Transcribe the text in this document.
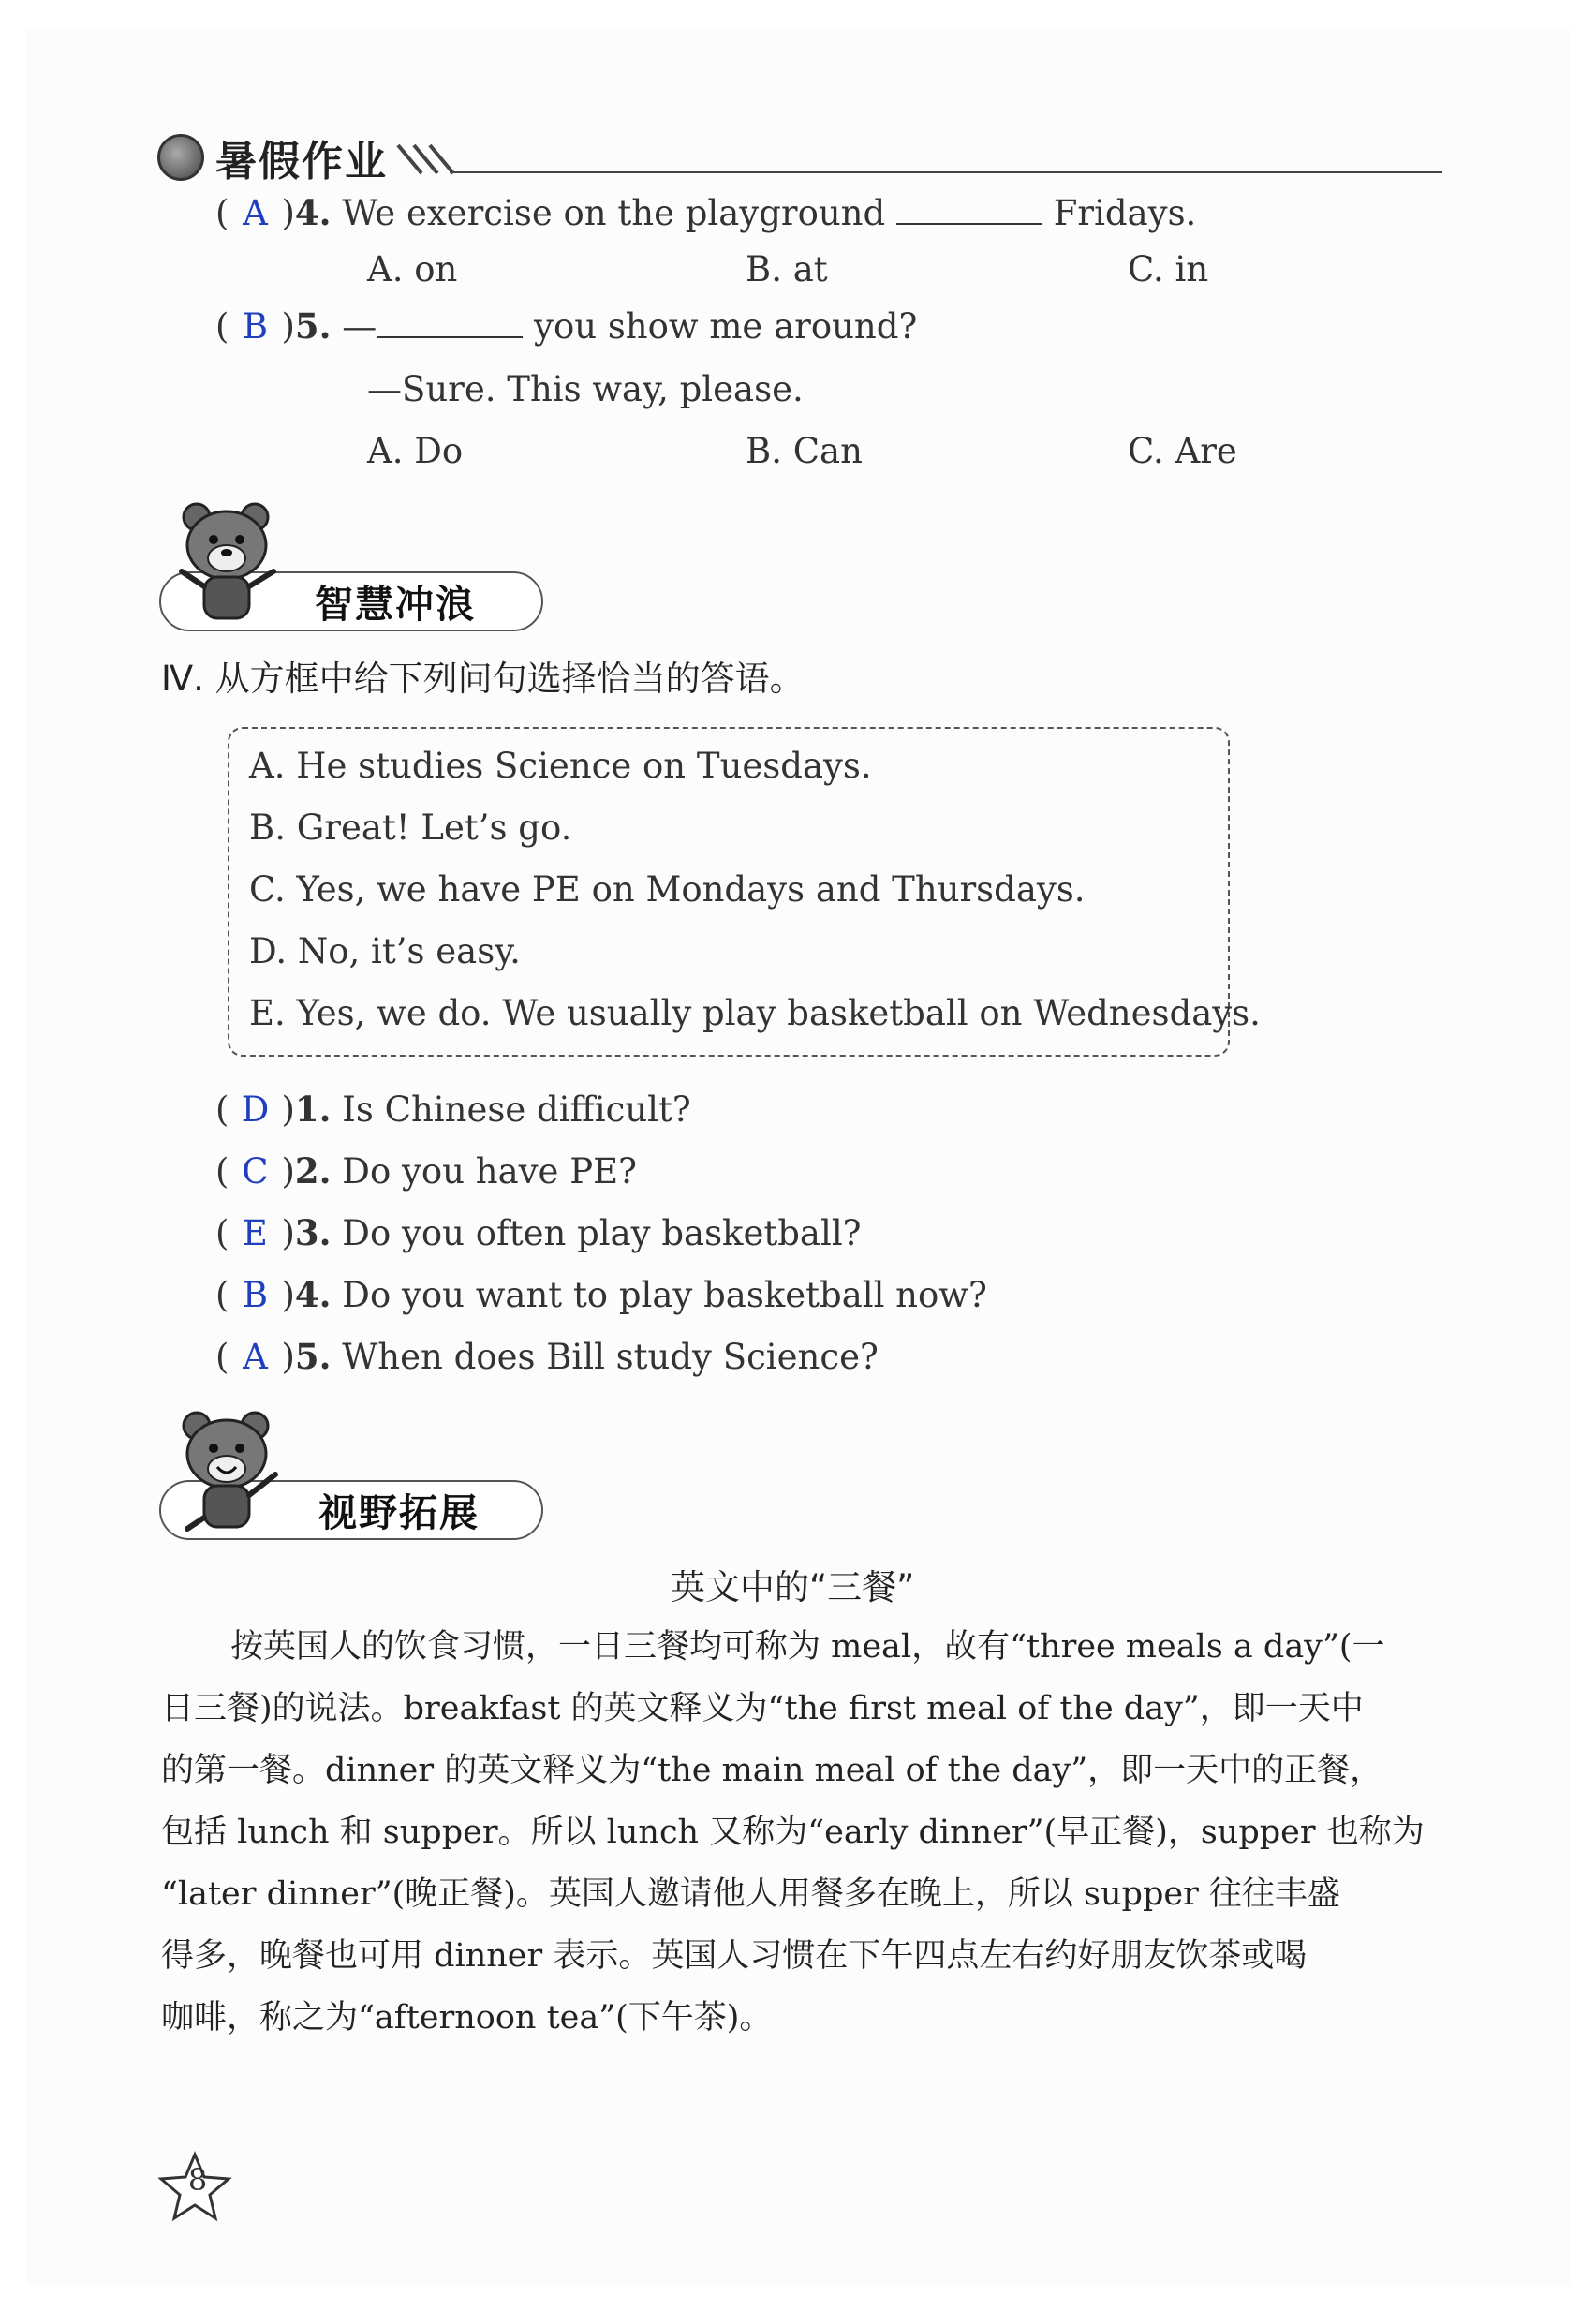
暑假作业
( A )4. We exercise on the playground	Fridays.
A. on	B. at	C. in
( B )5. —	you show me around?
—Sure. This way, please.
A. Do	B. Can	C. Are
智慧冲浪
Ⅳ. 从方框中给下列问句选择恰当的答语。
A. He studies Science on Tuesdays.
B. Great! Let’s go.
C. Yes, we have PE on Mondays and Thursdays.
D. No, it’s easy.
E. Yes, we do. We usually play basketball on Wednesdays.
( D )1. Is Chinese difficult?
( C )2. Do you have PE?
( E )3. Do you often play basketball?
( B )4. Do you want to play basketball now?
( A )5. When does Bill study Science?
视野拓展
英文中的“三餐”
按英国人的饮食习惯，一日三餐均可称为 meal，故有“three meals a day”(一
日三餐)的说法。breakfast 的英文释义为“the first meal of the day”，即一天中
的第一餐。dinner 的英文释义为“the main meal of the day”，即一天中的正餐，
包括 lunch 和 supper。所以 lunch 又称为“early dinner”(早正餐)，supper 也称为
“later dinner”(晚正餐)。英国人邀请他人用餐多在晚上，所以 supper 往往丰盛
得多，晚餐也可用 dinner 表示。英国人习惯在下午四点左右约好朋友饮茶或喝
咖啡，称之为“afternoon tea”(下午茶)。
8
